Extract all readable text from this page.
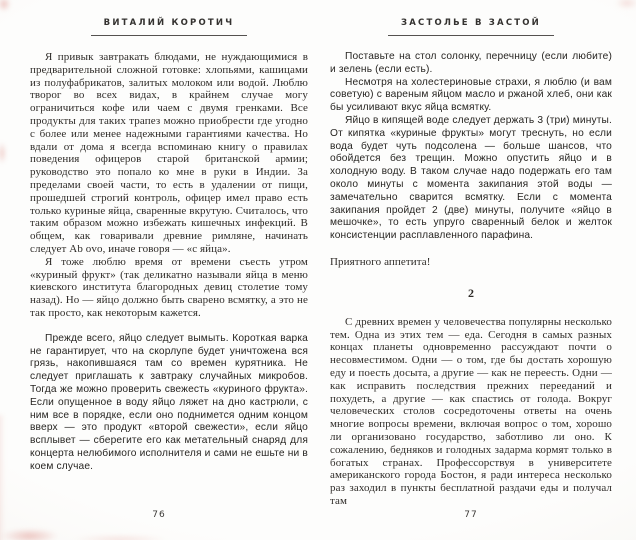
ВИТАЛИЙ КОРОТИЧ

Я привык завтракать блюдами, не нуждающимися в предварительной сложной готовке: хлопьями, кашицами из полуфабрикатов, залитых молоком или водой. Люблю творог во всех видах, в крайнем случае могу ограничиться кофе или чаем с двумя гренками. Все продукты для таких трапез можно приобрести где угодно с более или менее надежными гарантиями качества. Но вдали от дома я всегда вспоминаю книгу о правилах поведения офицеров старой британской армии; руководство это попало ко мне в руки в Индии. За пределами своей части, то есть в удалении от пищи, прошедшей строгий контроль, офицер имел право есть только куриные яйца, сваренные вкрутую. Считалось, что таким образом можно избежать кишечных инфекций. В общем, как говаривали древние римляне, начинать следует Ab ovo, иначе говоря — «с яйца».

Я тоже люблю время от времени съесть утром «куриный фрукт» (так деликатно называли яйца в меню киевского института благородных девиц столетие тому назад). Но — яйцо должно быть сварено всмятку, а это не так просто, как некоторым кажется.

Прежде всего, яйцо следует вымыть. Короткая варка не гарантирует, что на скорлупе будет уничтожена вся грязь, накопившаяся там со времен курятника. Не следует приглашать к завтраку случайных микробов. Тогда же можно проверить свежесть «куриного фрукта». Если опущенное в воду яйцо ляжет на дно кастрюли, с ним все в порядке, если оно поднимется одним концом вверх — это продукт «второй свежести», если яйцо всплывет — сберегите его как метательный снаряд для концерта нелюбимого исполнителя и сами не ешьте ни в коем случае.

76
ЗАСТОЛЬЕ В ЗАСТОЙ

Поставьте на стол солонку, перечницу (если любите) и зелень (если есть).

Несмотря на холестериновые страхи, я люблю (и вам советую) с вареным яйцом масло и ржаной хлеб, они как бы усиливают вкус яйца всмятку.

Яйцо в кипящей воде следует держать 3 (три) минуты. От кипятка «куриные фрукты» могут треснуть, но если вода будет чуть подсолена — больше шансов, что обойдется без трещин. Можно опустить яйцо и в холодную воду. В таком случае надо подержать его там около минуты с момента закипания этой воды — замечательно сварится всмятку. Если с момента закипания пройдет 2 (две) минуты, получите «яйцо в мешочке», то есть упруго сваренный белок и желток консистенции расплавленного парафина.

Приятного аппетита!

2

С древних времен у человечества популярны несколько тем. Одна из этих тем — еда. Сегодня в самых разных концах планеты одновременно рассуждают почти о несовместимом. Одни — о том, где бы достать хорошую еду и поесть досыта, а другие — как не переесть. Одни — как исправить последствия прежних перееданий и похудеть, а другие — как спастись от голода. Вокруг человеческих столов сосредоточены ответы на очень многие вопросы времени, включая вопрос о том, хорошо ли организовано государство, заботливо ли оно. К сожалению, бедняков и голодных задарма кормят только в богатых странах. Профессорствуя в университете американского города Бостон, я ради интереса несколько раз заходил в пункты бесплатной раздачи еды и получал там

77
